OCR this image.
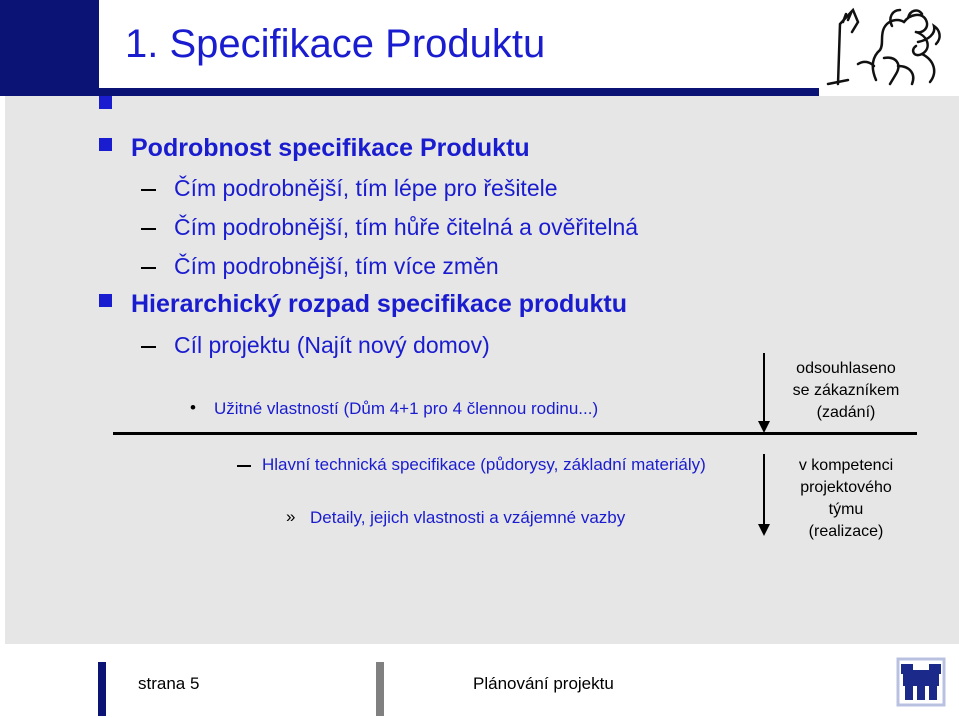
1. Specifikace Produktu
Podrobnost specifikace Produktu
Čím podrobnější, tím lépe pro řešitele
Čím podrobnější, tím hůře čitelná a ověřitelná
Čím podrobnější, tím více změn
Hierarchický rozpad specifikace produktu
Cíl projektu (Najít nový domov)
• Užitné vlastností (Dům 4+1 pro 4 člennou rodinu...)
Hlavní technická specifikace (půdorysy, základní materiály)
» Detaily, jejich vlastnosti a vzájemné vazby
odsouhlaseno
se zákazníkem
(zadání)
v kompetenci
projektového
týmu
(realizace)
strana 5	Plánování projektu
